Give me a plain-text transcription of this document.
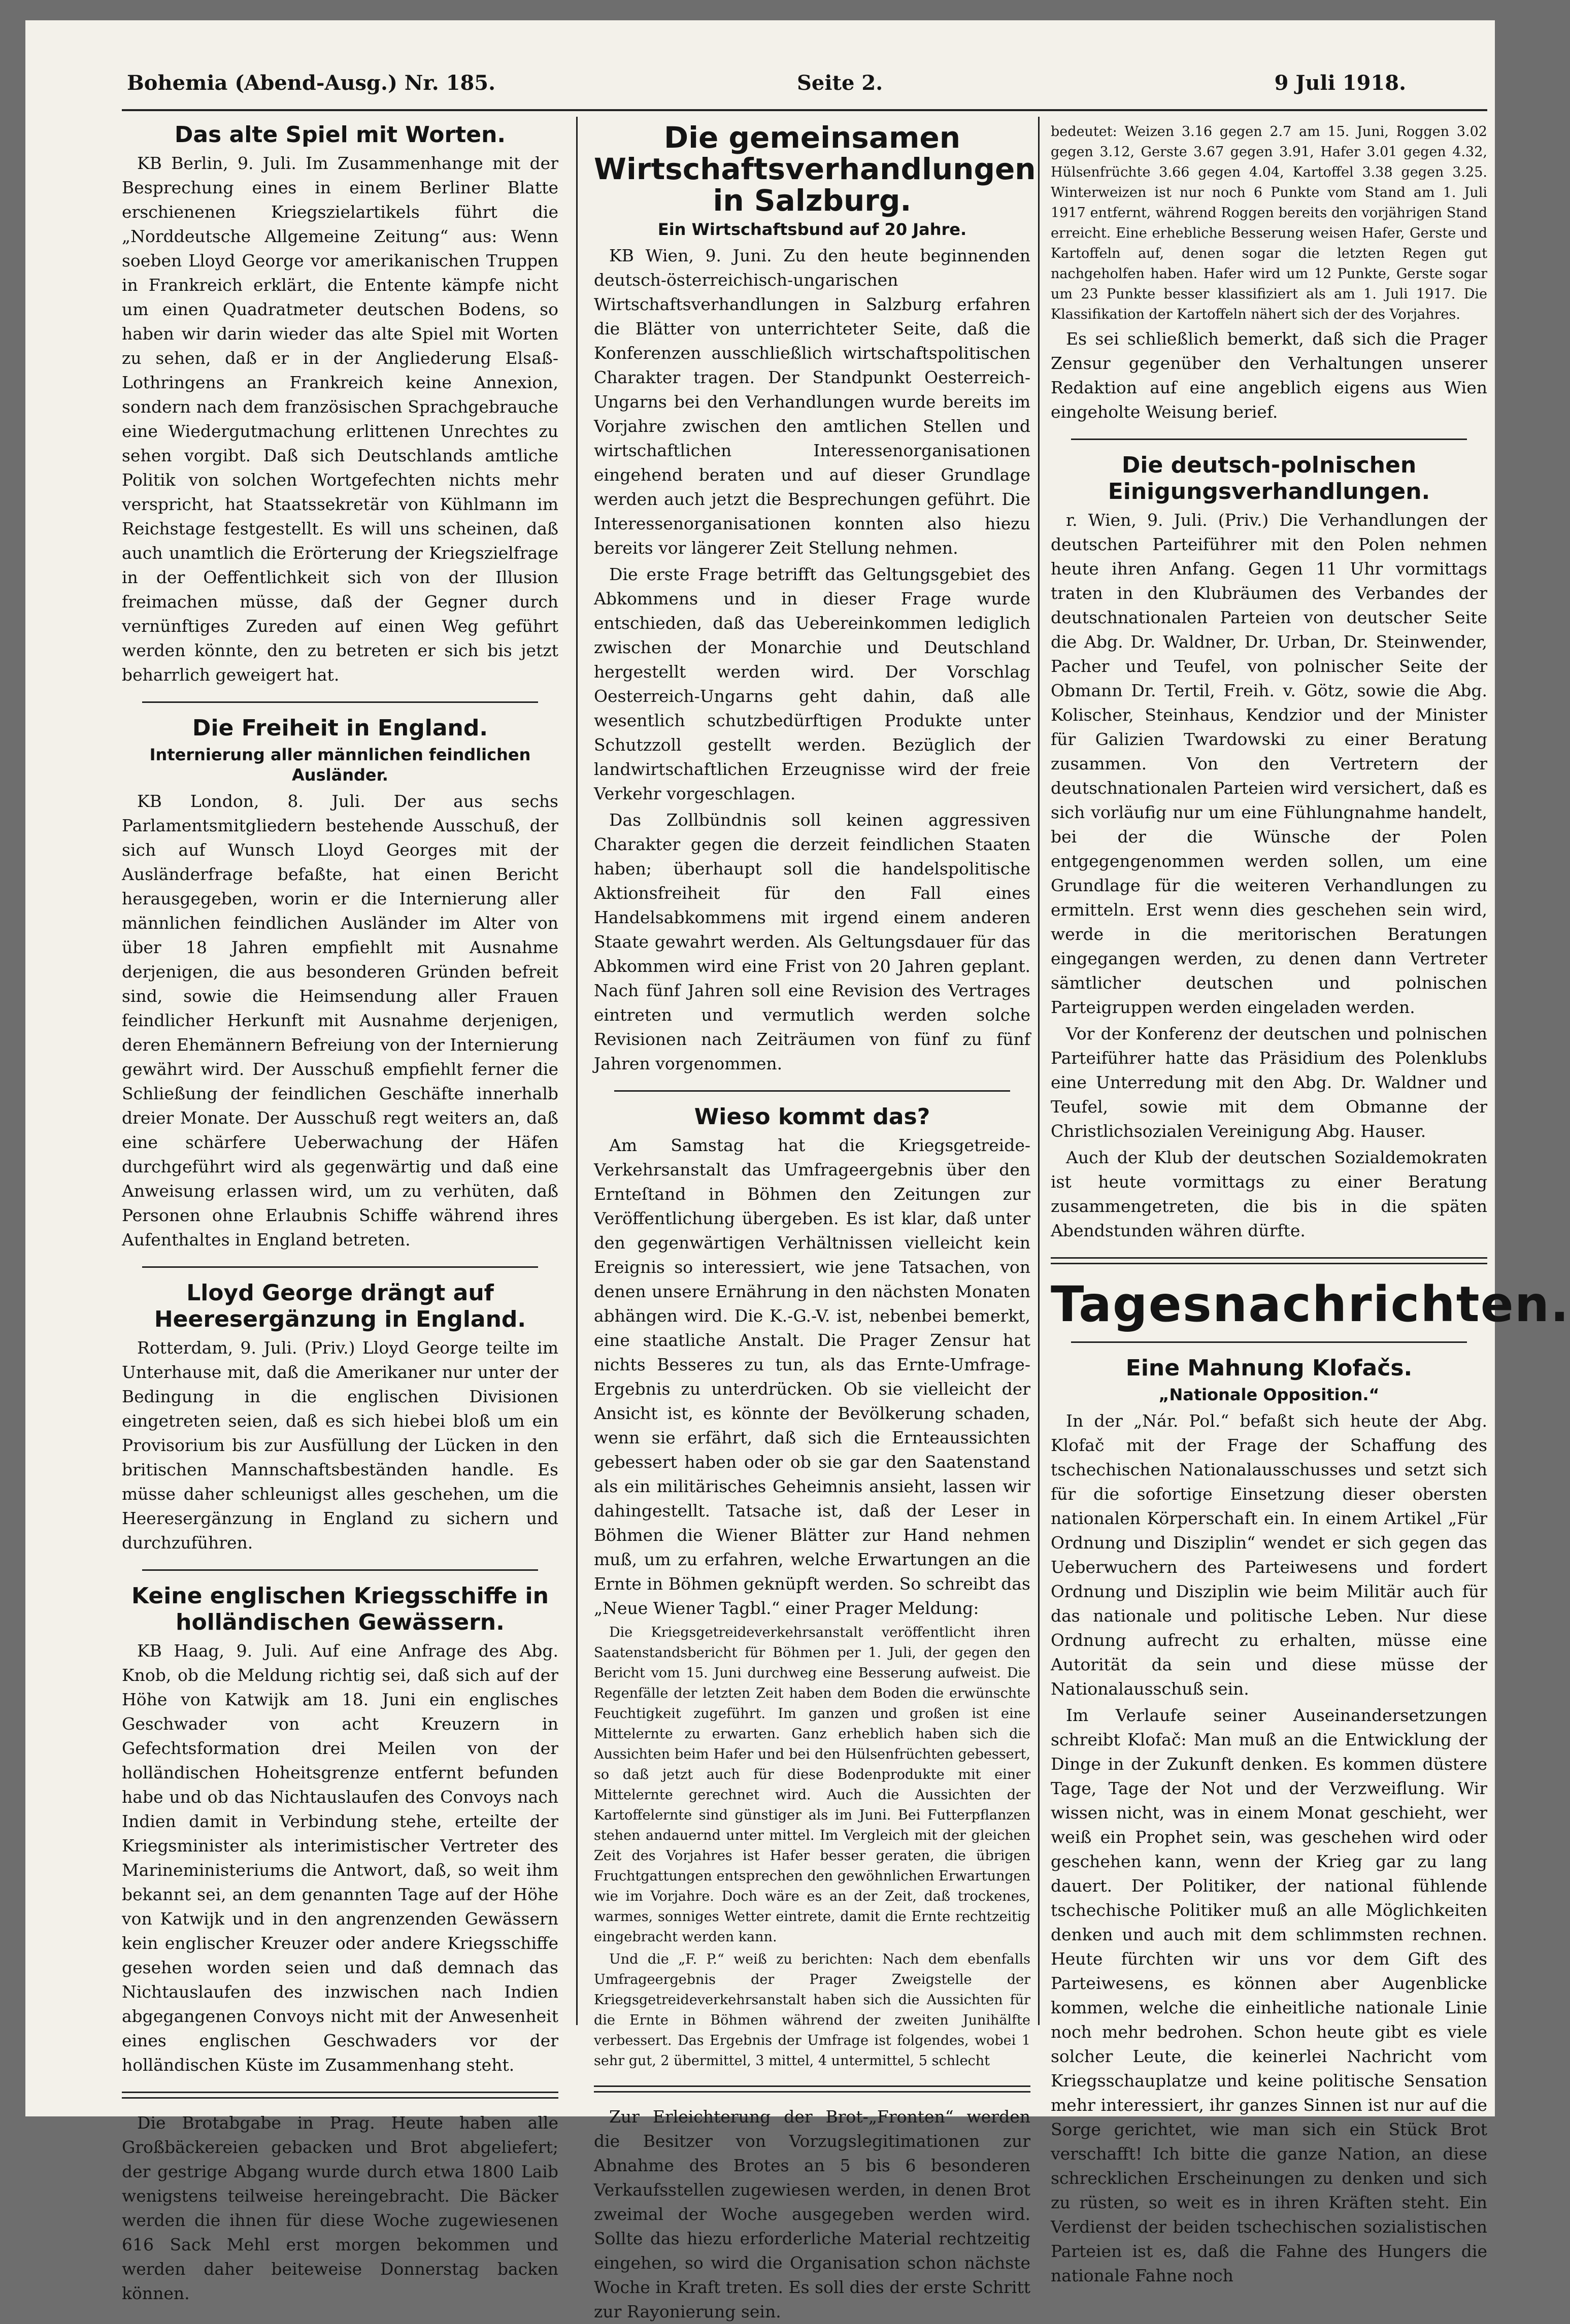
Bohemia (Abend-Ausg.) Nr. 185.	Seite 2.	9 Juli 1918.
Das alte Spiel mit Worten.

KB Berlin, 9. Juli. Im Zusammenhange mit der Besprechung eines in einem Berliner Blatte erschienenen Kriegszielartikels führt die „Norddeutsche Allgemeine Zeitung“ aus: Wenn soeben Lloyd George vor amerikanischen Truppen in Frankreich erklärt, die Entente kämpfe nicht um einen Quadratmeter deutschen Bodens, so haben wir darin wieder das alte Spiel mit Worten zu sehen, daß er in der Angliederung Elsaß-Lothringens an Frankreich keine Annexion, sondern nach dem französischen Sprachgebrauche eine Wiedergutmachung erlittenen Unrechtes zu sehen vorgibt. Daß sich Deutschlands amtliche Politik von solchen Wortgefechten nichts mehr verspricht, hat Staatssekretär von Kühlmann im Reichstage festgestellt. Es will uns scheinen, daß auch unamtlich die Erörterung der Kriegszielfrage in der Oeffentlichkeit sich von der Illusion freimachen müsse, daß der Gegner durch vernünftiges Zureden auf einen Weg geführt werden könnte, den zu betreten er sich bis jetzt beharrlich geweigert hat.

Die Freiheit in England.
Internierung aller männlichen feindlichen Ausländer.

KB London, 8. Juli. Der aus sechs Parlamentsmitgliedern bestehende Ausschuß, der sich auf Wunsch Lloyd Georges mit der Ausländerfrage befaßte, hat einen Bericht herausgegeben, worin er die Internierung aller männlichen feindlichen Ausländer im Alter von über 18 Jahren empfiehlt mit Ausnahme derjenigen, die aus besonderen Gründen befreit sind, sowie die Heimsendung aller Frauen feindlicher Herkunft mit Ausnahme derjenigen, deren Ehemännern Befreiung von der Internierung gewährt wird. Der Ausschuß empfiehlt ferner die Schließung der feindlichen Geschäfte innerhalb dreier Monate. Der Ausschuß regt weiters an, daß eine schärfere Ueberwachung der Häfen durchgeführt wird als gegenwärtig und daß eine Anweisung erlassen wird, um zu verhüten, daß Personen ohne Erlaubnis Schiffe während ihres Aufenthaltes in England betreten.

Lloyd George drängt auf Heeresergänzung in England.

Rotterdam, 9. Juli. (Priv.) Lloyd George teilte im Unterhause mit, daß die Amerikaner nur unter der Bedingung in die englischen Divisionen eingetreten seien, daß es sich hiebei bloß um ein Provisorium bis zur Ausfüllung der Lücken in den britischen Mannschaftsbeständen handle. Es müsse daher schleunigst alles geschehen, um die Heeresergänzung in England zu sichern und durchzuführen.

Keine englischen Kriegsschiffe in holländischen Gewässern.

KB Haag, 9. Juli. Auf eine Anfrage des Abg. Knob, ob die Meldung richtig sei, daß sich auf der Höhe von Katwijk am 18. Juni ein englisches Geschwader von acht Kreuzern in Gefechtsformation drei Meilen von der holländischen Hoheitsgrenze entfernt befunden habe und ob das Nichtauslaufen des Convoys nach Indien damit in Verbindung stehe, erteilte der Kriegsminister als interimistischer Vertreter des Marineministeriums die Antwort, daß, so weit ihm bekannt sei, an dem genannten Tage auf der Höhe von Katwijk und in den angrenzenden Gewässern kein englischer Kreuzer oder andere Kriegsschiffe gesehen worden seien und daß demnach das Nichtauslaufen des inzwischen nach Indien abgegangenen Convoys nicht mit der Anwesenheit eines englischen Geschwaders vor der holländischen Küste im Zusammenhang steht.

Die Brotabgabe in Prag. Heute haben alle Großbäckereien gebacken und Brot abgeliefert; der gestrige Abgang wurde durch etwa 1800 Laib wenigstens teilweise hereingebracht. Die Bäcker werden die ihnen für diese Woche zugewiesenen 616 Sack Mehl erst morgen bekommen und werden daher beiteweise Donnerstag backen können.

Die gemeinsamen Wirtschaftsverhandlungen in Salzburg.
Ein Wirtschaftsbund auf 20 Jahre.

KB Wien, 9. Juni. Zu den heute beginnenden deutsch-österreichisch-ungarischen Wirtschaftsverhandlungen in Salzburg erfahren die Blätter von unterrichteter Seite, daß die Konferenzen ausschließlich wirtschaftspolitischen Charakter tragen. Der Standpunkt Oesterreich-Ungarns bei den Verhandlungen wurde bereits im Vorjahre zwischen den amtlichen Stellen und wirtschaftlichen Interessenorganisationen eingehend beraten und auf dieser Grundlage werden auch jetzt die Besprechungen geführt. Die Interessenorganisationen konnten also hiezu bereits vor längerer Zeit Stellung nehmen.

Die erste Frage betrifft das Geltungsgebiet des Abkommens und in dieser Frage wurde entschieden, daß das Uebereinkommen lediglich zwischen der Monarchie und Deutschland hergestellt werden wird. Der Vorschlag Oesterreich-Ungarns geht dahin, daß alle wesentlich schutzbedürftigen Produkte unter Schutzzoll gestellt werden. Bezüglich der landwirtschaftlichen Erzeugnisse wird der freie Verkehr vorgeschlagen.

Das Zollbündnis soll keinen aggressiven Charakter gegen die derzeit feindlichen Staaten haben; überhaupt soll die handelspolitische Aktionsfreiheit für den Fall eines Handelsabkommens mit irgend einem anderen Staate gewahrt werden. Als Geltungsdauer für das Abkommen wird eine Frist von 20 Jahren geplant. Nach fünf Jahren soll eine Revision des Vertrages eintreten und vermutlich werden solche Revisionen nach Zeiträumen von fünf zu fünf Jahren vorgenommen.

Wieso kommt das?

Am Samstag hat die Kriegsgetreide-Verkehrsanstalt das Umfrageergebnis über den Ernteſtand in Böhmen den Zeitungen zur Veröffentlichung übergeben. Es ist klar, daß unter den gegenwärtigen Verhältnissen vielleicht kein Ereignis so interessiert, wie jene Tatsachen, von denen unsere Ernährung in den nächsten Monaten abhängen wird. Die K.-G.-V. ist, nebenbei bemerkt, eine staatliche Anstalt. Die Prager Zensur hat nichts Besseres zu tun, als das Ernte-Umfrage-Ergebnis zu unterdrücken. Ob sie vielleicht der Ansicht ist, es könnte der Bevölkerung schaden, wenn sie erfährt, daß sich die Ernteaussichten gebessert haben oder ob sie gar den Saatenstand als ein militärisches Geheimnis ansieht, lassen wir dahingestellt. Tatsache ist, daß der Leser in Böhmen die Wiener Blätter zur Hand nehmen muß, um zu erfahren, welche Erwartungen an die Ernte in Böhmen geknüpft werden. So schreibt das „Neue Wiener Tagbl.“ einer Prager Meldung:

Die Kriegsgetreideverkehrsanstalt veröffentlicht ihren Saatenstandsbericht für Böhmen per 1. Juli, der gegen den Bericht vom 15. Juni durchweg eine Besserung aufweist. Die Regenfälle der letzten Zeit haben dem Boden die erwünschte Feuchtigkeit zugeführt. Im ganzen und großen ist eine Mittelernte zu erwarten. Ganz erheblich haben sich die Aussichten beim Hafer und bei den Hülsenfrüchten gebessert, so daß jetzt auch für diese Bodenprodukte mit einer Mittelernte gerechnet wird. Auch die Aussichten der Kartoffelernte sind günstiger als im Juni. Bei Futterpflanzen stehen andauernd unter mittel. Im Vergleich mit der gleichen Zeit des Vorjahres ist Hafer besser geraten, die übrigen Fruchtgattungen entsprechen den gewöhnlichen Erwartungen wie im Vorjahre. Doch wäre es an der Zeit, daß trockenes, warmes, sonniges Wetter eintrete, damit die Ernte rechtzeitig eingebracht werden kann.

Und die „F. P.“ weiß zu berichten: Nach dem ebenfalls Umfrageergebnis der Prager Zweigstelle der Kriegsgetreideverkehrsanstalt haben sich die Aussichten für die Ernte in Böhmen während der zweiten Junihälfte verbessert. Das Ergebnis der Umfrage ist folgendes, wobei 1 sehr gut, 2 übermittel, 3 mittel, 4 untermittel, 5 schlecht

Zur Erleichterung der Brot-„Fronten“ werden die Besitzer von Vorzugslegitimationen zur Abnahme des Brotes an 5 bis 6 besonderen Verkaufsstellen zugewiesen werden, in denen Brot zweimal der Woche ausgegeben werden wird. Sollte das hiezu erforderliche Material rechtzeitig eingehen, so wird die Organisation schon nächste Woche in Kraft treten. Es soll dies der erste Schritt zur Rayonierung sein.

bedeutet: Weizen 3.16 gegen 2.7 am 15. Juni, Roggen 3.02 gegen 3.12, Gerste 3.67 gegen 3.91, Hafer 3.01 gegen 4.32, Hülsenfrüchte 3.66 gegen 4.04, Kartoffel 3.38 gegen 3.25. Winterweizen ist nur noch 6 Punkte vom Stand am 1. Juli 1917 entfernt, während Roggen bereits den vorjährigen Stand erreicht. Eine erhebliche Besserung weisen Hafer, Gerste und Kartoffeln auf, denen sogar die letzten Regen gut nachgeholfen haben. Hafer wird um 12 Punkte, Gerste sogar um 23 Punkte besser klassifiziert als am 1. Juli 1917. Die Klassifikation der Kartoffeln nähert sich der des Vorjahres.

Es sei schließlich bemerkt, daß sich die Prager Zensur gegenüber den Verhaltungen unserer Redaktion auf eine angeblich eigens aus Wien eingeholte Weisung berief.

Die deutsch-polnischen Einigungsverhandlungen.

r. Wien, 9. Juli. (Priv.) Die Verhandlungen der deutschen Parteiführer mit den Polen nehmen heute ihren Anfang. Gegen 11 Uhr vormittags traten in den Klubräumen des Verbandes der deutschnationalen Parteien von deutscher Seite die Abg. Dr. Waldner, Dr. Urban, Dr. Steinwender, Pacher und Teufel, von polnischer Seite der Obmann Dr. Tertil, Freih. v. Götz, sowie die Abg. Kolischer, Steinhaus, Kendzior und der Minister für Galizien Twardowski zu einer Beratung zusammen. Von den Vertretern der deutschnationalen Parteien wird versichert, daß es sich vorläufig nur um eine Fühlungnahme handelt, bei der die Wünsche der Polen entgegengenommen werden sollen, um eine Grundlage für die weiteren Verhandlungen zu ermitteln. Erst wenn dies geschehen sein wird, werde in die meritorischen Beratungen eingegangen werden, zu denen dann Vertreter sämtlicher deutschen und polnischen Parteigruppen werden eingeladen werden.

Vor der Konferenz der deutschen und polnischen Parteiführer hatte das Präsidium des Polenklubs eine Unterredung mit den Abg. Dr. Waldner und Teufel, sowie mit dem Obmanne der Christlichsozialen Vereinigung Abg. Hauser.

Auch der Klub der deutschen Sozialdemokraten ist heute vormittags zu einer Beratung zusammengetreten, die bis in die späten Abendstunden währen dürfte.

Tagesnachrichten.
Eine Mahnung Klofačs.
„Nationale Opposition.“

In der „Nár. Pol.“ befaßt sich heute der Abg. Klofač mit der Frage der Schaffung des tschechischen Nationalausschusses und setzt sich für die sofortige Einsetzung dieser obersten nationalen Körperschaft ein. In einem Artikel „Für Ordnung und Disziplin“ wendet er sich gegen das Ueberwuchern des Parteiwesens und fordert Ordnung und Disziplin wie beim Militär auch für das nationale und politische Leben. Nur diese Ordnung aufrecht zu erhalten, müsse eine Autorität da sein und diese müsse der Nationalausschuß sein.

Im Verlaufe seiner Auseinandersetzungen schreibt Klofač: Man muß an die Entwicklung der Dinge in der Zukunft denken. Es kommen düstere Tage, Tage der Not und der Verzweiflung. Wir wissen nicht, was in einem Monat geschieht, wer weiß ein Prophet sein, was geschehen wird oder geschehen kann, wenn der Krieg gar zu lang dauert. Der Politiker, der national fühlende tschechische Politiker muß an alle Möglichkeiten denken und auch mit dem schlimmsten rechnen. Heute fürchten wir uns vor dem Gift des Parteiwesens, es können aber Augenblicke kommen, welche die einheitliche nationale Linie noch mehr bedrohen. Schon heute gibt es viele solcher Leute, die keinerlei Nachricht vom Kriegsschauplatze und keine politische Sensation mehr interessiert, ihr ganzes Sinnen ist nur auf die Sorge gerichtet, wie man sich ein Stück Brot verschafft! Ich bitte die ganze Nation, an diese schrecklichen Erscheinungen zu denken und sich zu rüsten, so weit es in ihren Kräften steht. Ein Verdienst der beiden tschechischen sozialistischen Parteien ist es, daß die Fahne des Hungers die nationale Fahne noch
